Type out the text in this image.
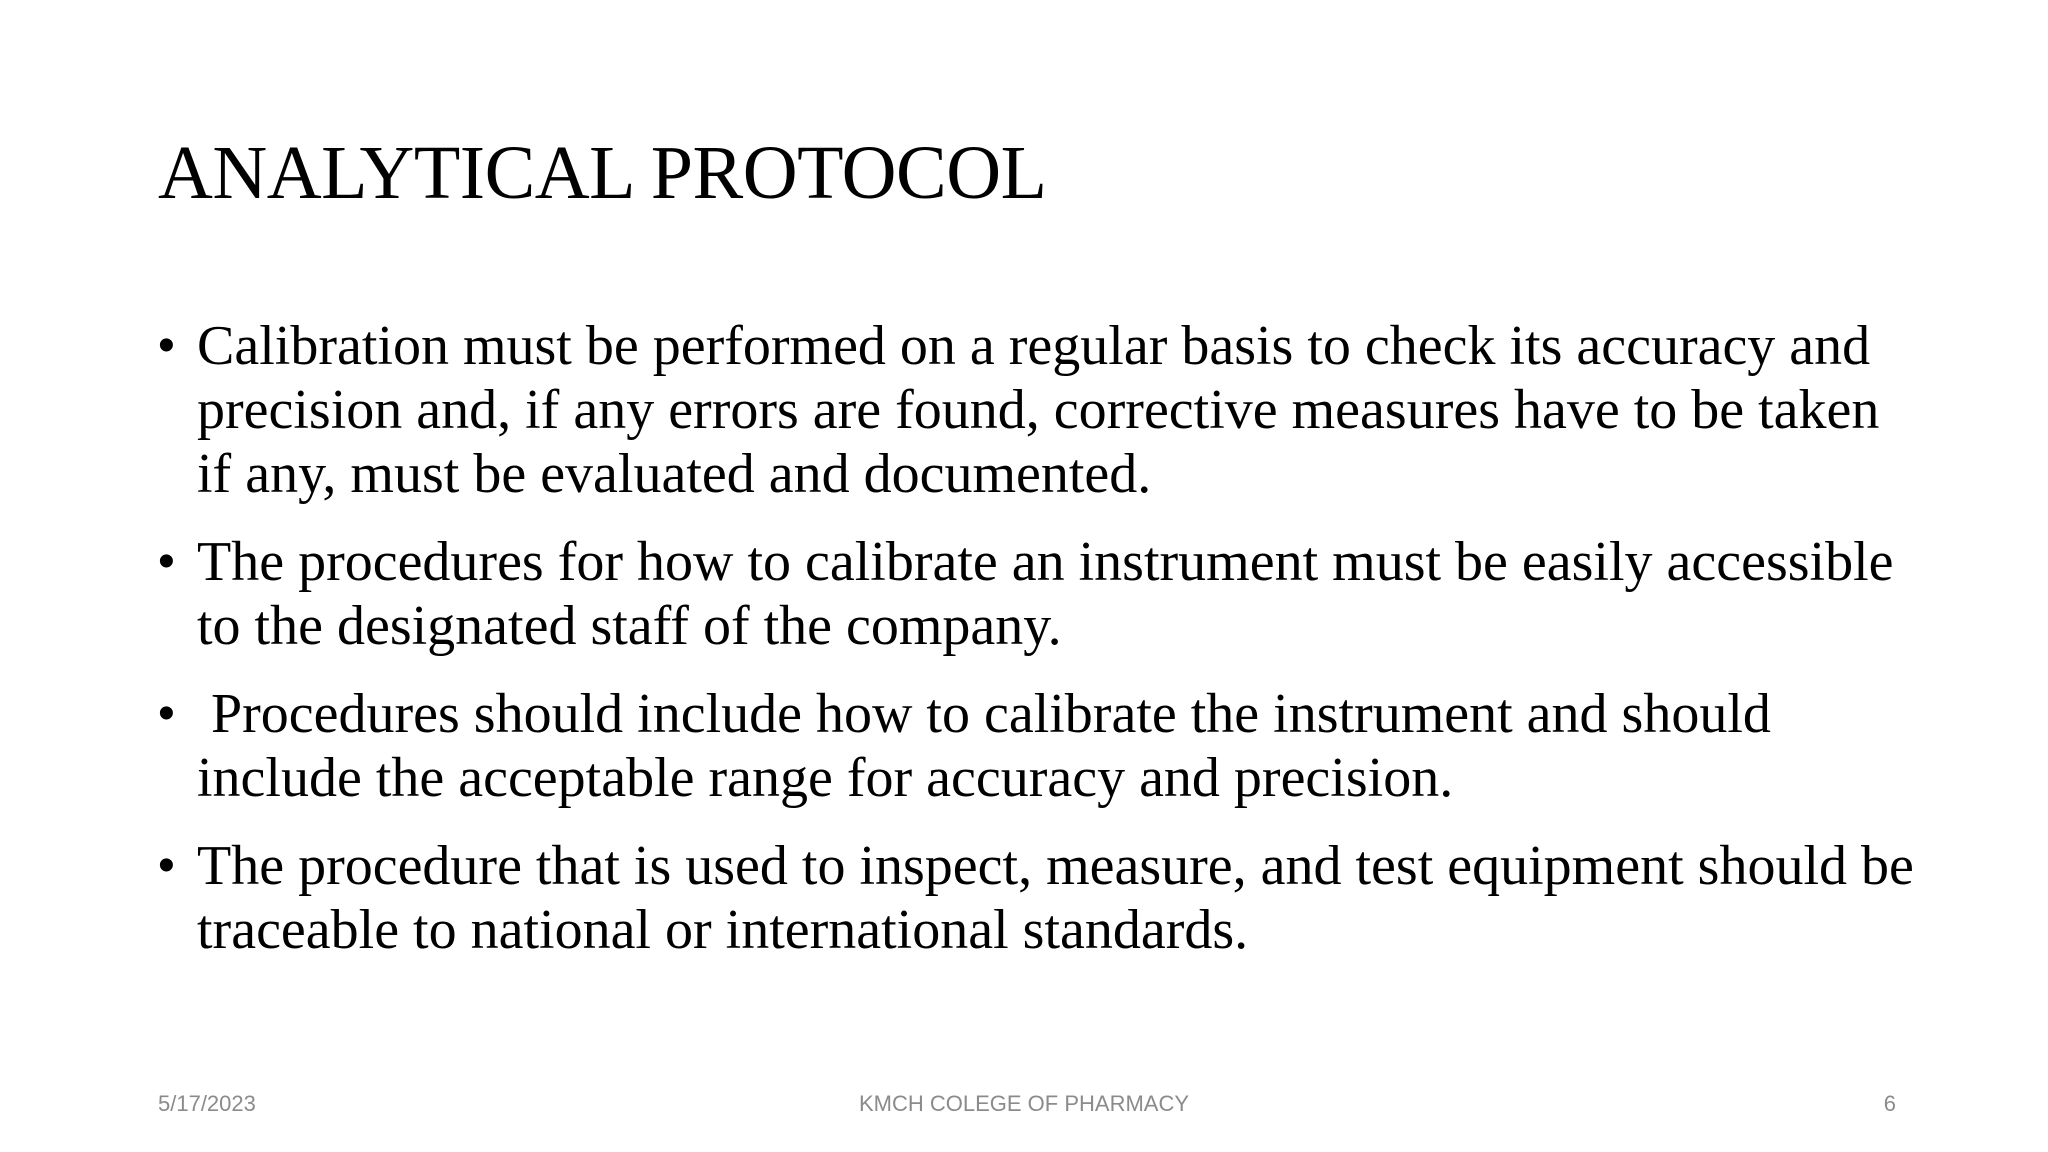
ANALYTICAL PROTOCOL
• Calibration must be performed on a regular basis to check its accuracy and precision and, if any errors are found, corrective measures have to be taken if any, must be evaluated and documented.
• The procedures for how to calibrate an instrument must be easily accessible to the designated staff of the company.
• Procedures should include how to calibrate the instrument and should include the acceptable range for accuracy and precision.
• The procedure that is used to inspect, measure, and test equipment should be traceable to national or international standards.
5/17/2023	KMCH COLEGE OF PHARMACY	6
